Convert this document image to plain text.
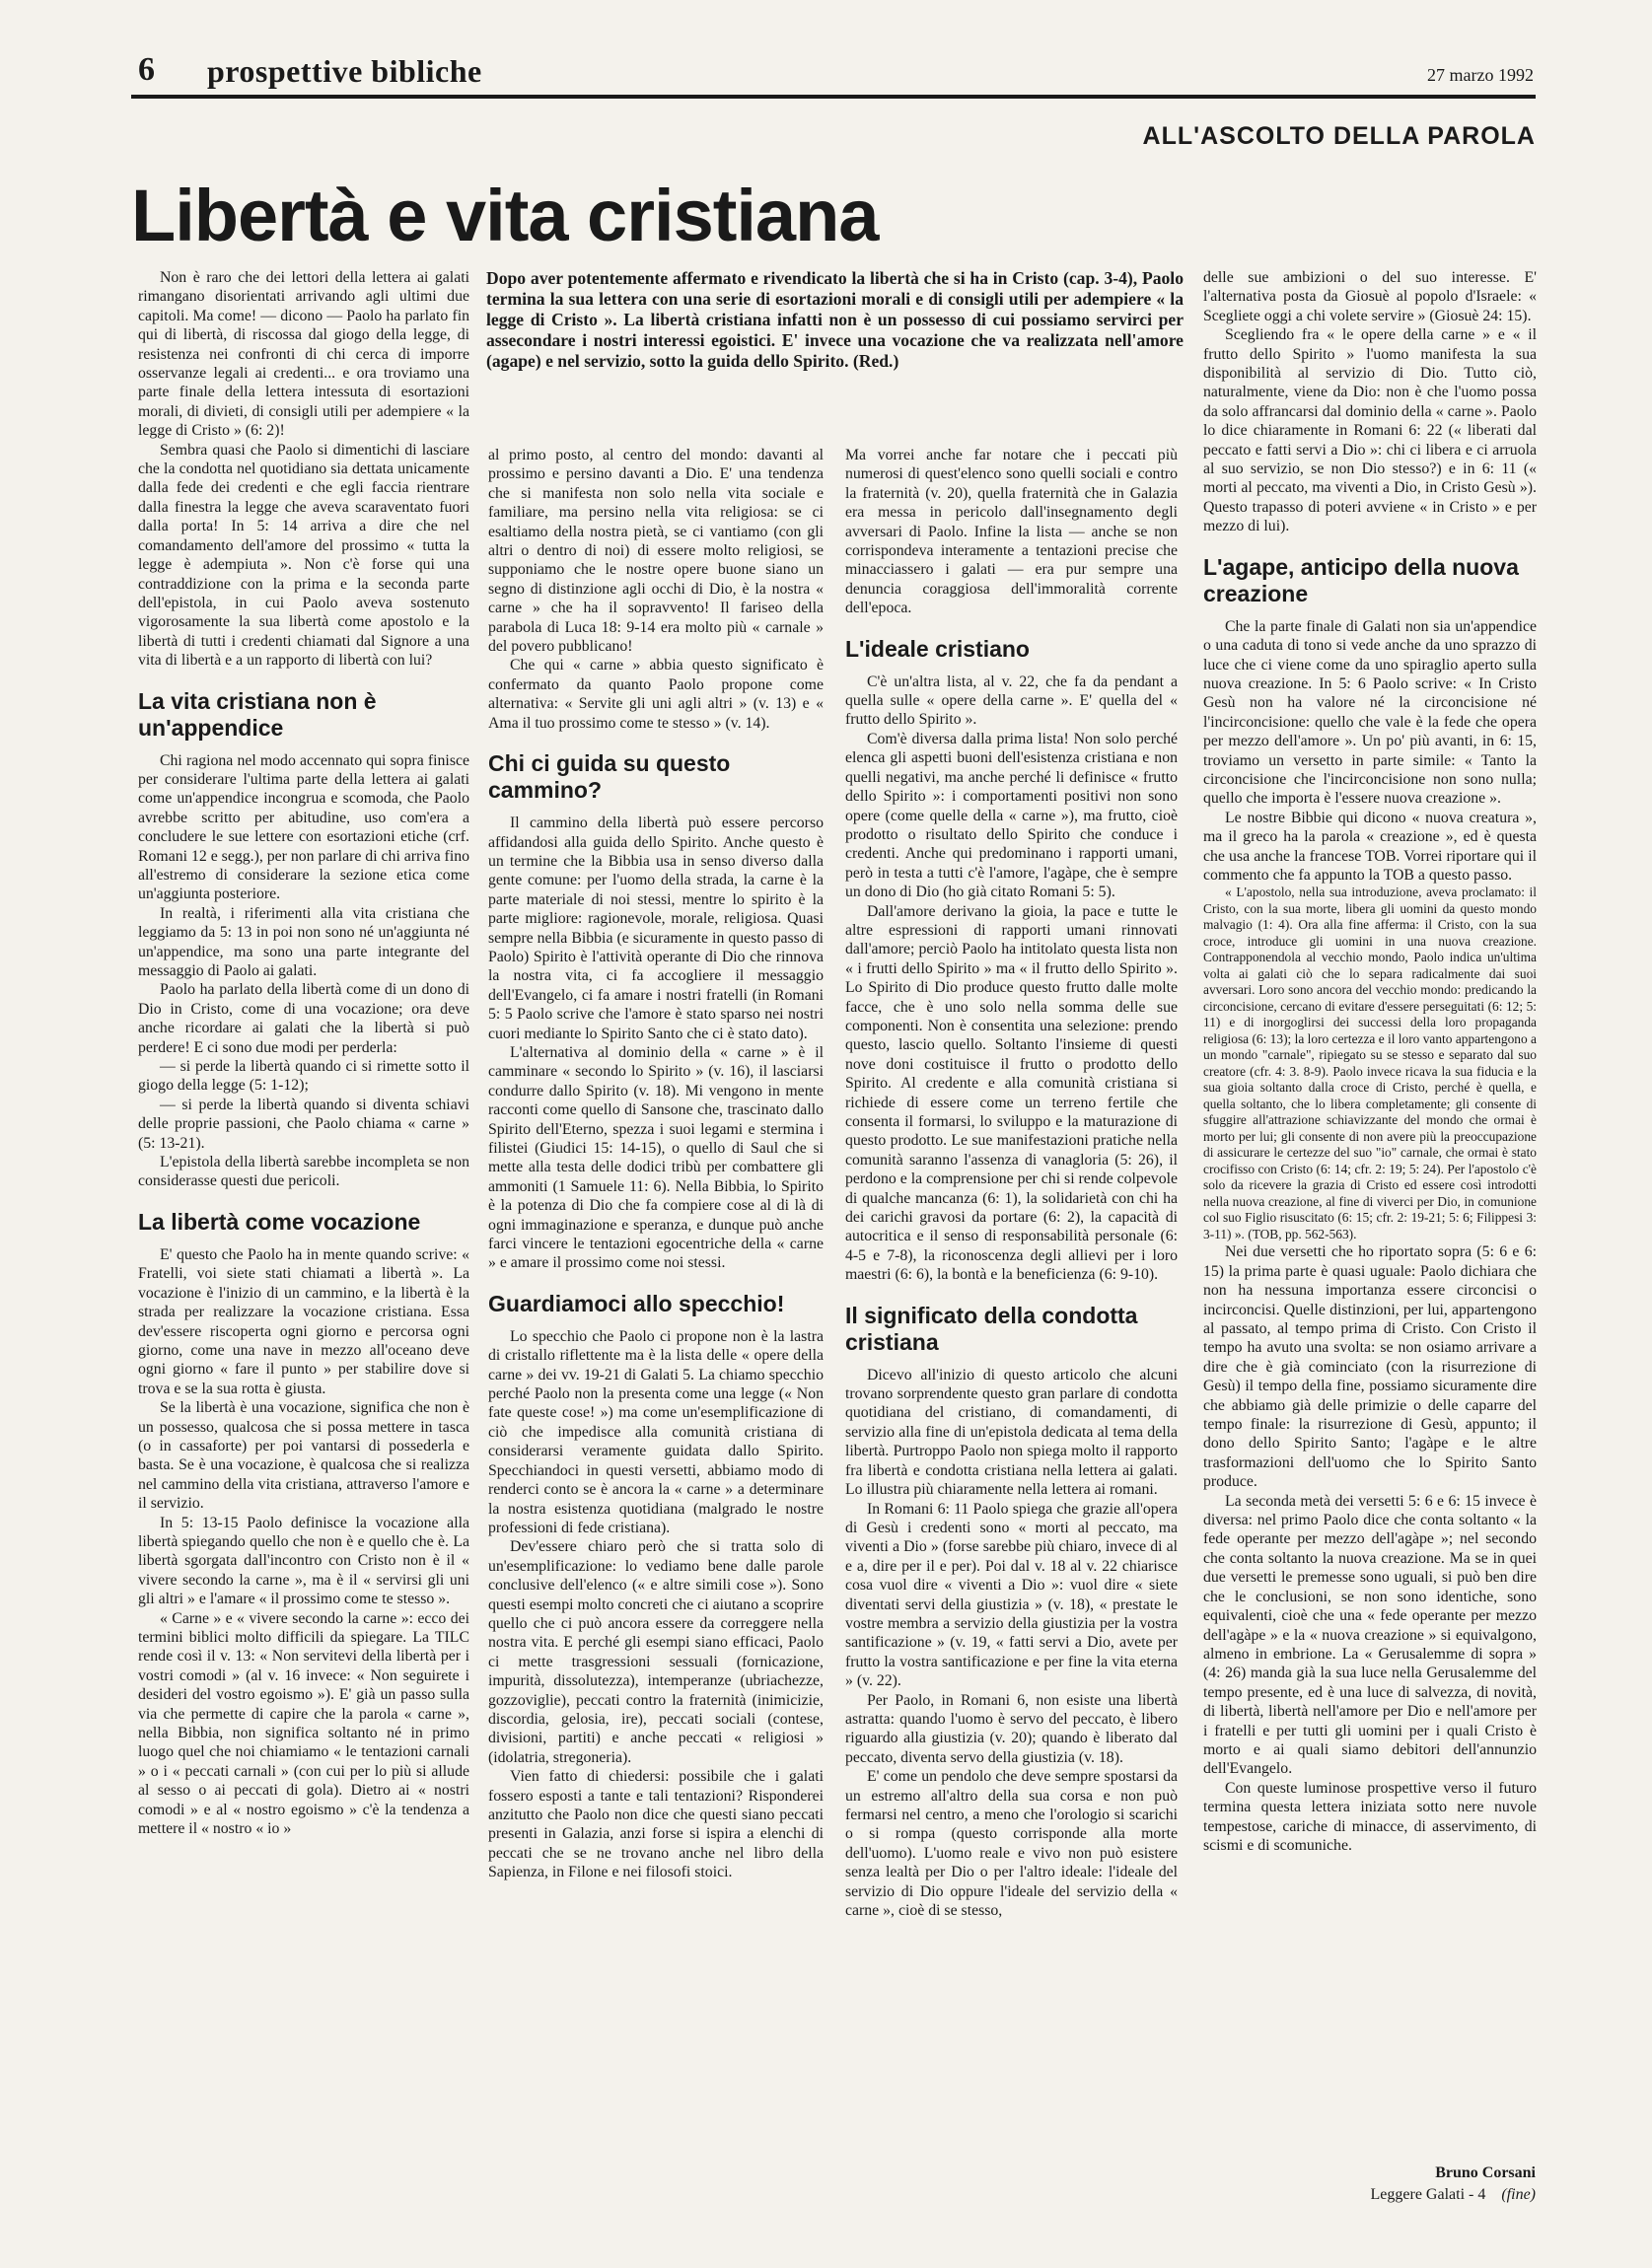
6 prospettive bibliche	27 marzo 1992
ALL'ASCOLTO DELLA PAROLA
Libertà e vita cristiana
Dopo aver potentemente affermato e rivendicato la libertà che si ha in Cristo (cap. 3-4), Paolo termina la sua lettera con una serie di esortazioni morali e di consigli utili per adempiere « la legge di Cristo ». La libertà cristiana infatti non è un possesso di cui possiamo servirci per assecondare i nostri interessi egoistici. E' invece una vocazione che va realizzata nell'amore (agape) e nel servizio, sotto la guida dello Spirito. (Red.)

Non è raro che dei lettori della lettera ai galati rimangano disorientati arrivando agli ultimi due capitoli. Ma come! — dicono — Paolo ha parlato fin qui di libertà, di riscossa dal giogo della legge, di resistenza nei confronti di chi cerca di imporre osservanze legali ai credenti... e ora troviamo una parte finale della lettera intessuta di esortazioni morali, di divieti, di consigli utili per adempiere « la legge di Cristo » (6: 2)!

Sembra quasi che Paolo si dimentichi di lasciare che la condotta nel quotidiano sia dettata unicamente dalla fede dei credenti e che egli faccia rientrare dalla finestra la legge che aveva scaraventato fuori dalla porta! In 5: 14 arriva a dire che nel comandamento dell'amore del prossimo « tutta la legge è adempiuta ». Non c'è forse qui una contraddizione con la prima e la seconda parte dell'epistola, in cui Paolo aveva sostenuto vigorosamente la sua libertà come apostolo e la libertà di tutti i credenti chiamati dal Signore a una vita di libertà e a un rapporto di libertà con lui?

La vita cristiana non è un'appendice

Chi ragiona nel modo accennato qui sopra finisce per considerare l'ultima parte della lettera ai galati come un'appendice incongrua e scomoda, che Paolo avrebbe scritto per abitudine, uso com'era a concludere le sue lettere con esortazioni etiche (crf. Romani 12 e segg.), per non parlare di chi arriva fino all'estremo di considerare la sezione etica come un'aggiunta posteriore.

In realtà, i riferimenti alla vita cristiana che leggiamo da 5: 13 in poi non sono né un'aggiunta né un'appendice, ma sono una parte integrante del messaggio di Paolo ai galati.

Paolo ha parlato della libertà come di un dono di Dio in Cristo, come di una vocazione; ora deve anche ricordare ai galati che la libertà si può perdere! E ci sono due modi per perderla:

— si perde la libertà quando ci si rimette sotto il giogo della legge (5: 1-12);

— si perde la libertà quando si diventa schiavi delle proprie passioni, che Paolo chiama « carne » (5: 13-21).

L'epistola della libertà sarebbe incompleta se non considerasse questi due pericoli.

La libertà come vocazione

E' questo che Paolo ha in mente quando scrive: « Fratelli, voi siete stati chiamati a libertà ». La vocazione è l'inizio di un cammino, e la libertà è la strada per realizzare la vocazione cristiana. Essa dev'essere riscoperta ogni giorno e percorsa ogni giorno, come una nave in mezzo all'oceano deve ogni giorno « fare il punto » per stabilire dove si trova e se la sua rotta è giusta.

Se la libertà è una vocazione, significa che non è un possesso, qualcosa che si possa mettere in tasca (o in cassaforte) per poi vantarsi di possederla e basta. Se è una vocazione, è qualcosa che si realizza nel cammino della vita cristiana, attraverso l'amore e il servizio.

In 5: 13-15 Paolo definisce la vocazione alla libertà spiegando quello che non è e quello che è. La libertà sgorgata dall'incontro con Cristo non è il « vivere secondo la carne », ma è il « servirsi gli uni gli altri » e l'amare « il prossimo come te stesso ».

« Carne » e « vivere secondo la carne »: ecco dei termini biblici molto difficili da spiegare. La TILC rende così il v. 13: « Non servitevi della libertà per i vostri comodi » (al v. 16 invece: « Non seguirete i desideri del vostro egoismo »). E' già un passo sulla via che permette di capire che la parola « carne », nella Bibbia, non significa soltanto né in primo luogo quel che noi chiamiamo « le tentazioni carnali » o i « peccati carnali » (con cui per lo più si allude al sesso o ai peccati di gola). Dietro ai « nostri comodi » e al « nostro egoismo » c'è la tendenza a mettere il « nostro « io »

al primo posto, al centro del mondo: davanti al prossimo e persino davanti a Dio. E' una tendenza che si manifesta non solo nella vita sociale e familiare, ma persino nella vita religiosa: se ci esaltiamo della nostra pietà, se ci vantiamo (con gli altri o dentro di noi) di essere molto religiosi, se supponiamo che le nostre opere buone siano un segno di distinzione agli occhi di Dio, è la nostra « carne » che ha il sopravvento! Il fariseo della parabola di Luca 18: 9-14 era molto più « carnale » del povero pubblicano!

Che qui « carne » abbia questo significato è confermato da quanto Paolo propone come alternativa: « Servite gli uni agli altri » (v. 13) e « Ama il tuo prossimo come te stesso » (v. 14).

Chi ci guida su questo cammino?

Il cammino della libertà può essere percorso affidandosi alla guida dello Spirito. Anche questo è un termine che la Bibbia usa in senso diverso dalla gente comune: per l'uomo della strada, la carne è la parte materiale di noi stessi, mentre lo spirito è la parte migliore: ragionevole, morale, religiosa. Quasi sempre nella Bibbia (e sicuramente in questo passo di Paolo) Spirito è l'attività operante di Dio che rinnova la nostra vita, ci fa accogliere il messaggio dell'Evangelo, ci fa amare i nostri fratelli (in Romani 5: 5 Paolo scrive che l'amore è stato sparso nei nostri cuori mediante lo Spirito Santo che ci è stato dato).

L'alternativa al dominio della « carne » è il camminare « secondo lo Spirito » (v. 16), il lasciarsi condurre dallo Spirito (v. 18). Mi vengono in mente racconti come quello di Sansone che, trascinato dallo Spirito dell'Eterno, spezza i suoi legami e stermina i filistei (Giudici 15: 14-15), o quello di Saul che si mette alla testa delle dodici tribù per combattere gli ammoniti (1 Samuele 11: 6). Nella Bibbia, lo Spirito è la potenza di Dio che fa compiere cose al di là di ogni immaginazione e speranza, e dunque può anche farci vincere le tentazioni egocentriche della « carne » e amare il prossimo come noi stessi.

Guardiamoci allo specchio!

Lo specchio che Paolo ci propone non è la lastra di cristallo riflettente ma è la lista delle « opere della carne » dei vv. 19-21 di Galati 5. La chiamo specchio perché Paolo non la presenta come una legge (« Non fate queste cose! ») ma come un'esemplificazione di ciò che impedisce alla comunità cristiana di considerarsi veramente guidata dallo Spirito. Specchiandoci in questi versetti, abbiamo modo di renderci conto se è ancora la « carne » a determinare la nostra esistenza quotidiana (malgrado le nostre professioni di fede cristiana).

Dev'essere chiaro però che si tratta solo di un'esemplificazione: lo vediamo bene dalle parole conclusive dell'elenco (« e altre simili cose »). Sono questi esempi molto concreti che ci aiutano a scoprire quello che ci può ancora essere da correggere nella nostra vita. E perché gli esempi siano efficaci, Paolo ci mette trasgressioni sessuali (fornicazione, impurità, dissolutezza), intemperanze (ubriachezze, gozzoviglie), peccati contro la fraternità (inimicizie, discordia, gelosia, ire), peccati sociali (contese, divisioni, partiti) e anche peccati « religiosi » (idolatria, stregoneria).

Vien fatto di chiedersi: possibile che i galati fossero esposti a tante e tali tentazioni? Risponderei anzitutto che Paolo non dice che questi siano peccati presenti in Galazia, anzi forse si ispira a elenchi di peccati che se ne trovano anche nel libro della Sapienza, in Filone e nei filosofi stoici.

Ma vorrei anche far notare che i peccati più numerosi di quest'elenco sono quelli sociali e contro la fraternità (v. 20), quella fraternità che in Galazia era messa in pericolo dall'insegnamento degli avversari di Paolo. Infine la lista — anche se non corrispondeva interamente a tentazioni precise che minacciassero i galati — era pur sempre una denuncia coraggiosa dell'immoralità corrente dell'epoca.

L'ideale cristiano

C'è un'altra lista, al v. 22, che fa da pendant a quella sulle « opere della carne ». E' quella del « frutto dello Spirito ».

Com'è diversa dalla prima lista! Non solo perché elenca gli aspetti buoni dell'esistenza cristiana e non quelli negativi, ma anche perché li definisce « frutto dello Spirito »: i comportamenti positivi non sono opere (come quelle della « carne »), ma frutto, cioè prodotto o risultato dello Spirito che conduce i credenti. Anche qui predominano i rapporti umani, però in testa a tutti c'è l'amore, l'agàpe, che è sempre un dono di Dio (ho già citato Romani 5: 5).

Dall'amore derivano la gioia, la pace e tutte le altre espressioni di rapporti umani rinnovati dall'amore; perciò Paolo ha intitolato questa lista non « i frutti dello Spirito » ma « il frutto dello Spirito ». Lo Spirito di Dio produce questo frutto dalle molte facce, che è uno solo nella somma delle sue componenti. Non è consentita una selezione: prendo questo, lascio quello. Soltanto l'insieme di questi nove doni costituisce il frutto o prodotto dello Spirito. Al credente e alla comunità cristiana si richiede di essere come un terreno fertile che consenta il formarsi, lo sviluppo e la maturazione di questo prodotto. Le sue manifestazioni pratiche nella comunità saranno l'assenza di vanagloria (5: 26), il perdono e la comprensione per chi si rende colpevole di qualche mancanza (6: 1), la solidarietà con chi ha dei carichi gravosi da portare (6: 2), la capacità di autocritica e il senso di responsabilità personale (6: 4-5 e 7-8), la riconoscenza degli allievi per i loro maestri (6: 6), la bontà e la beneficienza (6: 9-10).

Il significato della condotta cristiana

Dicevo all'inizio di questo articolo che alcuni trovano sorprendente questo gran parlare di condotta quotidiana del cristiano, di comandamenti, di servizio alla fine di un'epistola dedicata al tema della libertà. Purtroppo Paolo non spiega molto il rapporto fra libertà e condotta cristiana nella lettera ai galati. Lo illustra più chiaramente nella lettera ai romani.

In Romani 6: 11 Paolo spiega che grazie all'opera di Gesù i credenti sono « morti al peccato, ma viventi a Dio » (forse sarebbe più chiaro, invece di al e a, dire per il e per). Poi dal v. 18 al v. 22 chiarisce cosa vuol dire « viventi a Dio »: vuol dire « siete diventati servi della giustizia » (v. 18), « prestate le vostre membra a servizio della giustizia per la vostra santificazione » (v. 19, « fatti servi a Dio, avete per frutto la vostra santificazione e per fine la vita eterna » (v. 22).

Per Paolo, in Romani 6, non esiste una libertà astratta: quando l'uomo è servo del peccato, è libero riguardo alla giustizia (v. 20); quando è liberato dal peccato, diventa servo della giustizia (v. 18).

E' come un pendolo che deve sempre spostarsi da un estremo all'altro della sua corsa e non può fermarsi nel centro, a meno che l'orologio si scarichi o si rompa (questo corrisponde alla morte dell'uomo). L'uomo reale e vivo non può esistere senza lealtà per Dio o per l'altro ideale: l'ideale del servizio di Dio oppure l'ideale del servizio della « carne », cioè di se stesso,

delle sue ambizioni o del suo interesse. E' l'alternativa posta da Giosuè al popolo d'Israele: « Scegliete oggi a chi volete servire » (Giosuè 24: 15).

Scegliendo fra « le opere della carne » e « il frutto dello Spirito » l'uomo manifesta la sua disponibilità al servizio di Dio. Tutto ciò, naturalmente, viene da Dio: non è che l'uomo possa da solo affrancarsi dal dominio della « carne ». Paolo lo dice chiaramente in Romani 6: 22 (« liberati dal peccato e fatti servi a Dio »: chi ci libera e ci arruola al suo servizio, se non Dio stesso?) e in 6: 11 (« morti al peccato, ma viventi a Dio, in Cristo Gesù »). Questo trapasso di poteri avviene « in Cristo » e per mezzo di lui).

L'agape, anticipo della nuova creazione

Che la parte finale di Galati non sia un'appendice o una caduta di tono si vede anche da uno sprazzo di luce che ci viene come da uno spiraglio aperto sulla nuova creazione. In 5: 6 Paolo scrive: « In Cristo Gesù non ha valore né la circoncisione né l'incirconcisione: quello che vale è la fede che opera per mezzo dell'amore ». Un po' più avanti, in 6: 15, troviamo un versetto in parte simile: « Tanto la circoncisione che l'incirconcisione non sono nulla; quello che importa è l'essere nuova creazione ».

Le nostre Bibbie qui dicono « nuova creatura », ma il greco ha la parola « creazione », ed è questa che usa anche la francese TOB. Vorrei riportare qui il commento che fa appunto la TOB a questo passo.

« L'apostolo, nella sua introduzione, aveva proclamato: il Cristo, con la sua morte, libera gli uomini da questo mondo malvagio (1: 4). Ora alla fine afferma: il Cristo, con la sua croce, introduce gli uomini in una nuova creazione. Contrapponendola al vecchio mondo, Paolo indica un'ultima volta ai galati ciò che lo separa radicalmente dai suoi avversari. Loro sono ancora del vecchio mondo: predicando la circoncisione, cercano di evitare d'essere perseguitati (6: 12; 5: 11) e di inorgoglirsi dei successi della loro propaganda religiosa (6: 13); la loro certezza e il loro vanto appartengono a un mondo "carnale", ripiegato su se stesso e separato dal suo creatore (cfr. 4: 3. 8-9). Paolo invece ricava la sua fiducia e la sua gioia soltanto dalla croce di Cristo, perché è quella, e quella soltanto, che lo libera completamente; gli consente di sfuggire all'attrazione schiavizzante del mondo che ormai è morto per lui; gli consente di non avere più la preoccupazione di assicurare le certezze del suo "io" carnale, che ormai è stato crocifisso con Cristo (6: 14; cfr. 2: 19; 5: 24). Per l'apostolo c'è solo da ricevere la grazia di Cristo ed essere così introdotti nella nuova creazione, al fine di viverci per Dio, in comunione col suo Figlio risuscitato (6: 15; cfr. 2: 19-21; 5: 6; Filippesi 3: 3-11) ». (TOB, pp. 562-563).

Nei due versetti che ho riportato sopra (5: 6 e 6: 15) la prima parte è quasi uguale: Paolo dichiara che non ha nessuna importanza essere circoncisi o incirconcisi. Quelle distinzioni, per lui, appartengono al passato, al tempo prima di Cristo. Con Cristo il tempo ha avuto una svolta: se non osiamo arrivare a dire che è già cominciato (con la risurrezione di Gesù) il tempo della fine, possiamo sicuramente dire che abbiamo già delle primizie o delle caparre del tempo finale: la risurrezione di Gesù, appunto; il dono dello Spirito Santo; l'agàpe e le altre trasformazioni dell'uomo che lo Spirito Santo produce.

La seconda metà dei versetti 5: 6 e 6: 15 invece è diversa: nel primo Paolo dice che conta soltanto « la fede operante per mezzo dell'agàpe »; nel secondo che conta soltanto la nuova creazione. Ma se in quei due versetti le premesse sono uguali, si può ben dire che le conclusioni, se non sono identiche, sono equivalenti, cioè che una « fede operante per mezzo dell'agàpe » e la « nuova creazione » si equivalgono, almeno in embrione. La « Gerusalemme di sopra » (4: 26) manda già la sua luce nella Gerusalemme del tempo presente, ed è una luce di salvezza, di novità, di libertà, libertà nell'amore per Dio e nell'amore per i fratelli e per tutti gli uomini per i quali Cristo è morto e ai quali siamo debitori dell'annunzio dell'Evangelo.

Con queste luminose prospettive verso il futuro termina questa lettera iniziata sotto nere nuvole tempestose, cariche di minacce, di asservimento, di scismi e di scomuniche.

Bruno Corsani
Leggere Galati - 4 (fine)
